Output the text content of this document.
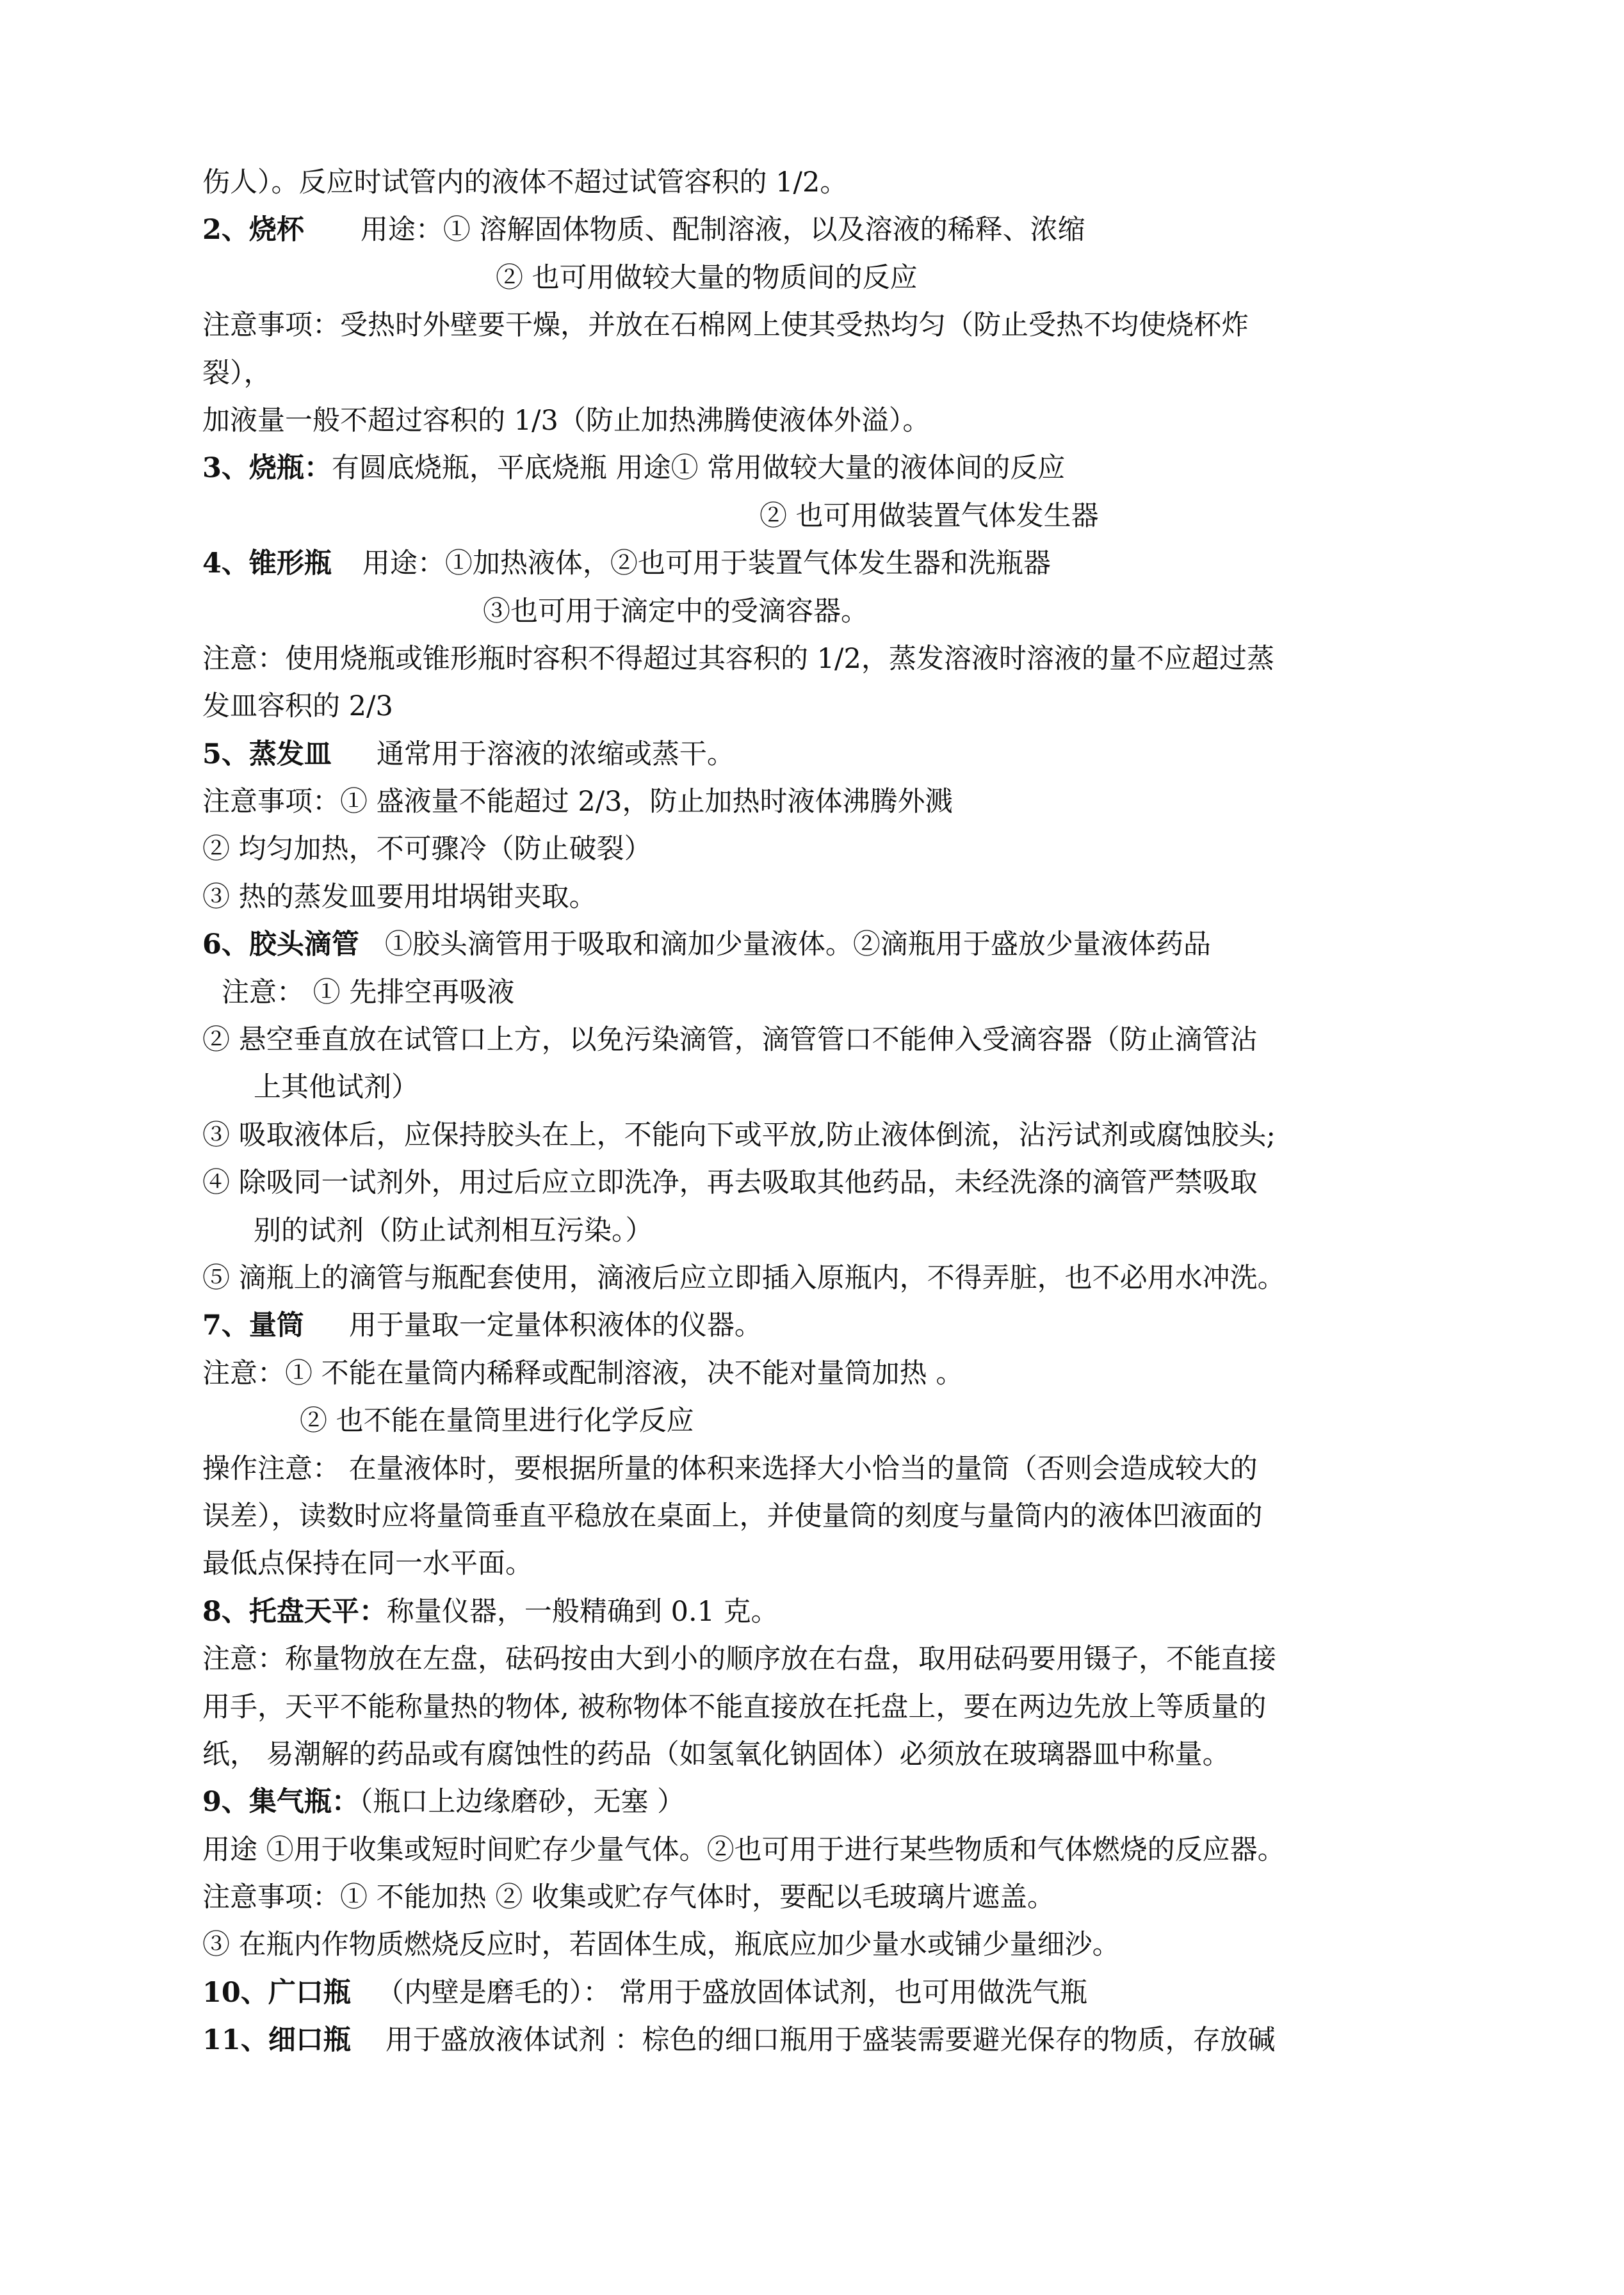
伤人）。反应时试管内的液体不超过试管容积的 1/2。
2、烧杯 用途：① 溶解固体物质、配制溶液，以及溶液的稀释、浓缩
② 也可用做较大量的物质间的反应
注意事项：受热时外壁要干燥，并放在石棉网上使其受热均匀（防止受热不均使烧杯炸
裂），
加液量一般不超过容积的 1/3（防止加热沸腾使液体外溢）。
3、烧瓶：有圆底烧瓶，平底烧瓶 用途① 常用做较大量的液体间的反应
② 也可用做装置气体发生器
4、锥形瓶 用途：①加热液体，②也可用于装置气体发生器和洗瓶器
③也可用于滴定中的受滴容器。
注意：使用烧瓶或锥形瓶时容积不得超过其容积的 1/2，蒸发溶液时溶液的量不应超过蒸
发皿容积的 2/3
5、蒸发皿 通常用于溶液的浓缩或蒸干。
注意事项：① 盛液量不能超过 2/3，防止加热时液体沸腾外溅
② 均匀加热，不可骤冷（防止破裂）
③ 热的蒸发皿要用坩埚钳夹取。
6、胶头滴管 ①胶头滴管用于吸取和滴加少量液体。②滴瓶用于盛放少量液体药品
注意： ① 先排空再吸液
② 悬空垂直放在试管口上方，以免污染滴管，滴管管口不能伸入受滴容器（防止滴管沾
上其他试剂）
③ 吸取液体后，应保持胶头在上，不能向下或平放,防止液体倒流，沾污试剂或腐蚀胶头;
④ 除吸同一试剂外，用过后应立即洗净，再去吸取其他药品，未经洗涤的滴管严禁吸取
别的试剂（防止试剂相互污染。）
⑤ 滴瓶上的滴管与瓶配套使用，滴液后应立即插入原瓶内，不得弄脏，也不必用水冲洗。
7、量筒 用于量取一定量体积液体的仪器。
注意：① 不能在量筒内稀释或配制溶液，决不能对量筒加热 。
② 也不能在量筒里进行化学反应
操作注意： 在量液体时，要根据所量的体积来选择大小恰当的量筒（否则会造成较大的
误差），读数时应将量筒垂直平稳放在桌面上，并使量筒的刻度与量筒内的液体凹液面的
最低点保持在同一水平面。
8、托盘天平：称量仪器，一般精确到 0.1 克。
注意：称量物放在左盘，砝码按由大到小的顺序放在右盘，取用砝码要用镊子，不能直接
用手，天平不能称量热的物体, 被称物体不能直接放在托盘上，要在两边先放上等质量的
纸， 易潮解的药品或有腐蚀性的药品（如氢氧化钠固体）必须放在玻璃器皿中称量。
9、集气瓶：（瓶口上边缘磨砂，无塞 ）
用途 ①用于收集或短时间贮存少量气体。②也可用于进行某些物质和气体燃烧的反应器。
注意事项：① 不能加热 ② 收集或贮存气体时，要配以毛玻璃片遮盖。
③ 在瓶内作物质燃烧反应时，若固体生成，瓶底应加少量水或铺少量细沙。
10、广口瓶 （内壁是磨毛的）： 常用于盛放固体试剂，也可用做洗气瓶
11、细口瓶 用于盛放液体试剂 ：棕色的细口瓶用于盛装需要避光保存的物质，存放碱
